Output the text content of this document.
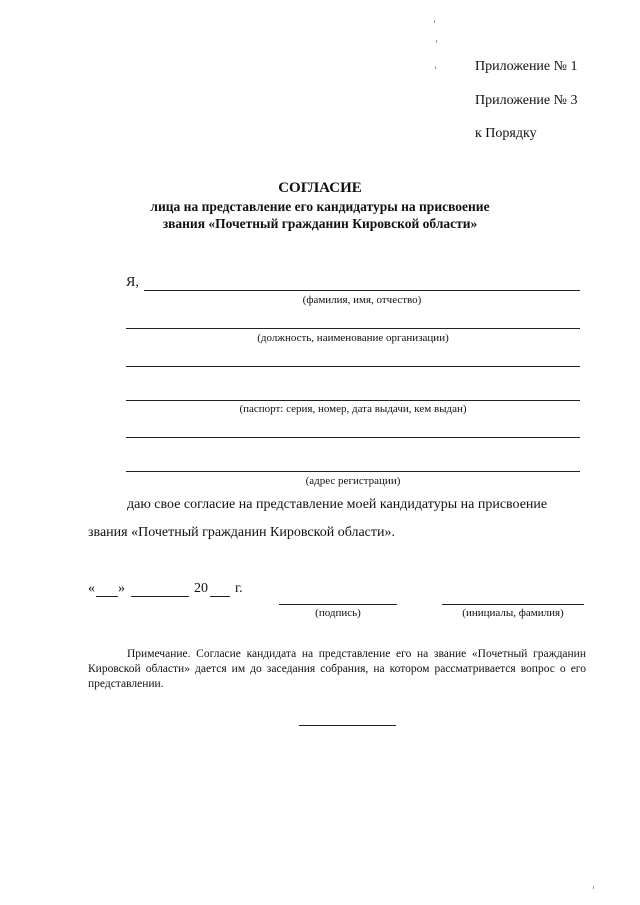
Приложение № 1
Приложение № 3
к Порядку
СОГЛАСИЕ
лица на представление его кандидатуры на присвоение
звания «Почетный гражданин Кировской области»
Я,
(фамилия, имя, отчество)
(должность, наименование организации)
(паспорт: серия, номер, дата выдачи, кем выдан)
(адрес регистрации)
даю свое согласие на представление моей кандидатуры на присвоение
звания «Почетный гражданин Кировской области».
« »	20 г.
(подпись)	(инициалы, фамилия)
Примечание. Согласие кандидата на представление его на звание «Почетный гражданин Кировской области» дается им до заседания собрания, на котором рассматривается вопрос о его представлении.
